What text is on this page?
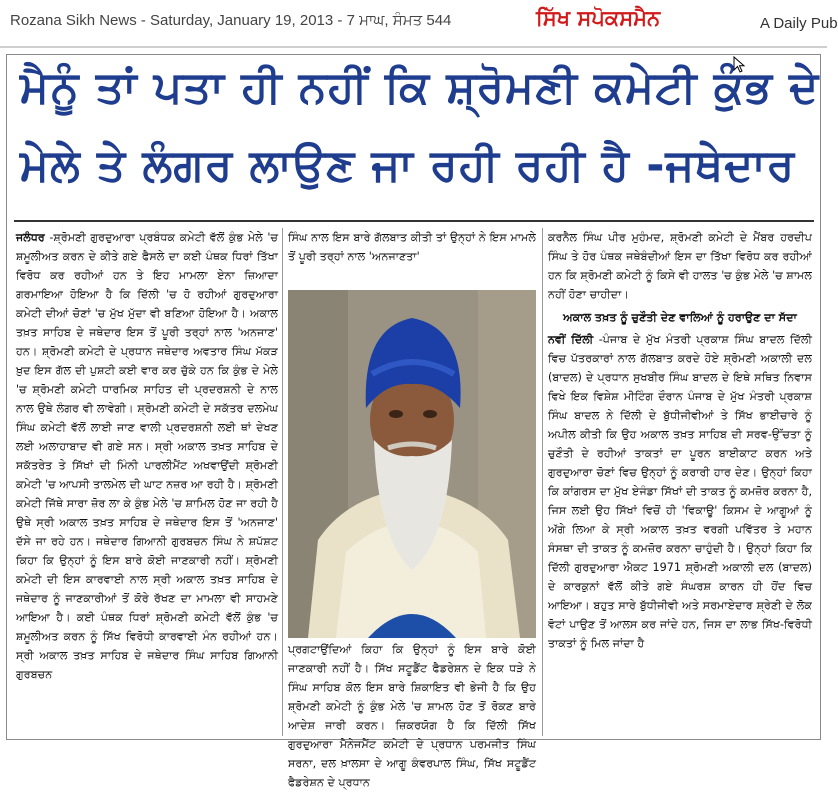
Rozana Sikh News - Saturday, January 19, 2013 - 7 ਮਾਘ, ਸੰਮਤ 544	ਸਿੱਖ ਸਪੋਕਸਮੈਨ	A Daily Pub
ਮੈਨੂੰ ਤਾਂ ਪਤਾ ਹੀ ਨਹੀਂ ਕਿ ਸ਼੍ਰੋਮਣੀ ਕਮੇਟੀ ਕੁੰਭ ਦੇ
ਮੇਲੇ ਤੇ ਲੰਗਰ ਲਾਉਣ ਜਾ ਰਹੀ ਰਹੀ ਹੈ -ਜਥੇਦਾਰ
ਜਲੰਧਰ -ਸ਼੍ਰੋਮਣੀ ਗੁਰਦੁਆਰਾ ਪ੍ਰਬੰਧਕ ਕਮੇਟੀ ਵੱਲੋਂ ਕੁੰਭ ਮੇਲੇ 'ਚ ਸ਼ਮੂਲੀਅਤ ਕਰਨ ਦੇ ਕੀਤੇ ਗਏ ਫੈਸਲੇ ਦਾ ਕਈ ਪੰਥਕ ਧਿਰਾਂ ਤਿੱਖਾ ਵਿਰੋਧ ਕਰ ਰਹੀਆਂ ਹਨ ਤੇ ਇਹ ਮਾਮਲਾ ਏਨਾ ਜ਼ਿਆਦਾ ਗਰਮਾਇਆ ਹੋਇਆ ਹੈ ਕਿ ਦਿੱਲੀ 'ਚ ਹੋ ਰਹੀਆਂ ਗੁਰਦੁਆਰਾ ਕਮੇਟੀ ਦੀਆਂ ਚੋਣਾਂ 'ਚ ਮੁੱਖ ਮੁੱਦਾ ਵੀ ਬਣਿਆ ਹੋਇਆ ਹੈ। ਅਕਾਲ ਤਖ਼ਤ ਸਾਹਿਬ ਦੇ ਜਥੇਦਾਰ ਇਸ ਤੋਂ ਪੂਰੀ ਤਰ੍ਹਾਂ ਨਾਲ 'ਅਨਜਾਣ' ਹਨ। ਸ਼੍ਰੋਮਣੀ ਕਮੇਟੀ ਦੇ ਪ੍ਰਧਾਨ ਜਥੇਦਾਰ ਅਵਤਾਰ ਸਿੰਘ ਮੱਕੜ ਖ਼ੁਦ ਇਸ ਗੱਲ ਦੀ ਪੁਸ਼ਟੀ ਕਈ ਵਾਰ ਕਰ ਚੁੱਕੇ ਹਨ ਕਿ ਕੁੰਭ ਦੇ ਮੇਲੇ 'ਚ ਸ਼੍ਰੋਮਣੀ ਕਮੇਟੀ ਧਾਰਮਿਕ ਸਾਹਿਤ ਦੀ ਪ੍ਰਦਰਸ਼ਨੀ ਦੇ ਨਾਲ ਨਾਲ ਉਥੇ ਲੰਗਰ ਵੀ ਲਾਵੇਗੀ। ਸ਼੍ਰੋਮਣੀ ਕਮੇਟੀ ਦੇ ਸਕੱਤਰ ਦਲਮੇਘ ਸਿੰਘ ਕਮੇਟੀ ਵੱਲੋਂ ਲਾਈ ਜਾਣ ਵਾਲੀ ਪ੍ਰਦਰਸ਼ਨੀ ਲਈ ਥਾਂ ਦੇਖਣ ਲਈ ਅਲਾਹਾਬਾਦ ਵੀ ਗਏ ਸਨ। ਸ੍ਰੀ ਅਕਾਲ ਤਖ਼ਤ ਸਾਹਿਬ ਦੇ ਸਕੱਤਰੇਤ ਤੇ ਸਿੱਖਾਂ ਦੀ ਮਿੰਨੀ ਪਾਰਲੀਮੈਂਟ ਅਖਵਾਉਂਦੀ ਸ਼੍ਰੋਮਣੀ ਕਮੇਟੀ 'ਚ ਆਪਸੀ ਤਾਲਮੇਲ ਦੀ ਘਾਟ ਨਜ਼ਰ ਆ ਰਹੀ ਹੈ। ਸ਼੍ਰੋਮਣੀ ਕਮੇਟੀ ਜਿੱਥੇ ਸਾਰਾ ਜ਼ੋਰ ਲਾ ਕੇ ਕੁੰਭ ਮੇਲੇ 'ਚ ਸ਼ਾਮਿਲ ਹੋਣ ਜਾ ਰਹੀ ਹੈ ਉਥੇ ਸ੍ਰੀ ਅਕਾਲ ਤਖ਼ਤ ਸਾਹਿਬ ਦੇ ਜਥੇਦਾਰ ਇਸ ਤੋਂ 'ਅਨਜਾਣ' ਦੱਸੇ ਜਾ ਰਹੇ ਹਨ। ਜਥੇਦਾਰ ਗਿਆਨੀ ਗੁਰਬਚਨ ਸਿੰਘ ਨੇ ਸ਼ਪੱਸ਼ਟ ਕਿਹਾ ਕਿ ਉਨ੍ਹਾਂ ਨੂੰ ਇਸ ਬਾਰੇ ਕੋਈ ਜਾਣਕਾਰੀ ਨਹੀਂ। ਸ਼੍ਰੋਮਣੀ ਕਮੇਟੀ ਦੀ ਇਸ ਕਾਰਵਾਈ ਨਾਲ ਸ੍ਰੀ ਅਕਾਲ ਤਖ਼ਤ ਸਾਹਿਬ ਦੇ ਜਥੇਦਾਰ ਨੂੰ ਜਾਣਕਾਰੀਆਂ ਤੋਂ ਕੋਰੇ ਰੱਖਣ ਦਾ ਮਾਮਲਾ ਵੀ ਸਾਹਮਣੇ ਆਇਆ ਹੈ। ਕਈ ਪੰਥਕ ਧਿਰਾਂ ਸ਼੍ਰੋਮਣੀ ਕਮੇਟੀ ਵੱਲੋਂ ਕੁੰਭ 'ਚ ਸ਼ਮੂਲੀਅਤ ਕਰਨ ਨੂੰ ਸਿੱਖ ਵਿਰੋਧੀ ਕਾਰਵਾਈ ਮੰਨ ਰਹੀਆਂ ਹਨ। ਸ੍ਰੀ ਅਕਾਲ ਤਖ਼ਤ ਸਾਹਿਬ ਦੇ ਜਥੇਦਾਰ ਸਿੰਘ ਸਾਹਿਬ ਗਿਆਨੀ ਗੁਰਬਚਨ
ਸਿੰਘ ਨਾਲ ਇਸ ਬਾਰੇ ਗੱਲਬਾਤ ਕੀਤੀ ਤਾਂ ਉਨ੍ਹਾਂ ਨੇ ਇਸ ਮਾਮਲੇ ਤੋਂ ਪੂਰੀ ਤਰ੍ਹਾਂ ਨਾਲ 'ਅਨਜਾਣਤਾ'
ਪ੍ਰਗਟਾਉਂਦਿਆਂ ਕਿਹਾ ਕਿ ਉਨ੍ਹਾਂ ਨੂੰ ਇਸ ਬਾਰੇ ਕੋਈ ਜਾਣਕਾਰੀ ਨਹੀਂ ਹੈ। ਸਿੱਖ ਸਟੂਡੈਂਟ ਫੈਡਰੇਸ਼ਨ ਦੇ ਇਕ ਧੜੇ ਨੇ ਸਿੰਘ ਸਾਹਿਬ ਕੋਲ ਇਸ ਬਾਰੇ ਸ਼ਿਕਾਇਤ ਵੀ ਭੇਜੀ ਹੈ ਕਿ ਉਹ ਸ਼੍ਰੋਮਣੀ ਕਮੇਟੀ ਨੂੰ ਕੁੰਭ ਮੇਲੇ 'ਚ ਸ਼ਾਮਲ ਹੋਣ ਤੋਂ ਰੋਕਣ ਬਾਰੇ ਆਦੇਸ਼ ਜਾਰੀ ਕਰਨ। ਜ਼ਿਕਰਯੋਗ ਹੈ ਕਿ ਦਿੱਲੀ ਸਿੱਖ ਗੁਰਦੁਆਰਾ ਮੈਨੇਜਮੈਂਟ ਕਮੇਟੀ ਦੇ ਪ੍ਰਧਾਨ ਪਰਮਜੀਤ ਸਿੰਘ ਸਰਨਾ, ਦਲ ਖ਼ਾਲਸਾ ਦੇ ਆਗੂ ਕੰਵਰਪਾਲ ਸਿੰਘ, ਸਿੱਖ ਸਟੂਡੈਂਟ ਫੈਡਰੇਸ਼ਨ ਦੇ ਪ੍ਰਧਾਨ
ਕਰਨੈਲ ਸਿੰਘ ਪੀਰ ਮੁਹੰਮਦ, ਸ਼੍ਰੋਮਣੀ ਕਮੇਟੀ ਦੇ ਮੈਂਬਰ ਹਰਦੀਪ ਸਿੰਘ ਤੇ ਹੋਰ ਪੰਥਕ ਜਥੇਬੰਦੀਆਂ ਇਸ ਦਾ ਤਿੱਖਾ ਵਿਰੋਧ ਕਰ ਰਹੀਆਂ ਹਨ ਕਿ ਸ਼੍ਰੋਮਣੀ ਕਮੇਟੀ ਨੂੰ ਕਿਸੇ ਵੀ ਹਾਲਤ 'ਚ ਕੁੰਭ ਮੇਲੇ 'ਚ ਸ਼ਾਮਲ ਨਹੀਂ ਹੋਣਾ ਚਾਹੀਦਾ।
ਅਕਾਲ ਤਖ਼ਤ ਨੂੰ ਚੁਣੌਤੀ ਦੇਣ ਵਾਲਿਆਂ ਨੂੰ ਹਰਾਉਣ ਦਾ ਸੱਦਾ
ਨਵੀਂ ਦਿੱਲੀ -ਪੰਜਾਬ ਦੇ ਮੁੱਖ ਮੰਤਰੀ ਪ੍ਰਕਾਸ਼ ਸਿੰਘ ਬਾਦਲ ਦਿੱਲੀ ਵਿਚ ਪੱਤਰਕਾਰਾਂ ਨਾਲ ਗੱਲਬਾਤ ਕਰਦੇ ਹੋਏ ਸ਼੍ਰੋਮਣੀ ਅਕਾਲੀ ਦਲ (ਬਾਦਲ) ਦੇ ਪ੍ਰਧਾਨ ਸੁਖਬੀਰ ਸਿੰਘ ਬਾਦਲ ਦੇ ਇਥੇ ਸਥਿਤ ਨਿਵਾਸ ਵਿਖੇ ਇਕ ਵਿਸ਼ੇਸ਼ ਮੀਟਿੰਗ ਦੌਰਾਨ ਪੰਜਾਬ ਦੇ ਮੁੱਖ ਮੰਤਰੀ ਪ੍ਰਕਾਸ਼ ਸਿੰਘ ਬਾਦਲ ਨੇ ਦਿੱਲੀ ਦੇ ਬੁੱਧੀਜੀਵੀਆਂ ਤੇ ਸਿੱਖ ਭਾਈਚਾਰੇ ਨੂੰ ਅਪੀਲ ਕੀਤੀ ਕਿ ਉਹ ਅਕਾਲ ਤਖ਼ਤ ਸਾਹਿਬ ਦੀ ਸਰਵ-ਉੱਚਤਾ ਨੂੰ ਚੁਣੌਤੀ ਦੇ ਰਹੀਆਂ ਤਾਕਤਾਂ ਦਾ ਪੂਰਨ ਬਾਈਕਾਟ ਕਰਨ ਅਤੇ ਗੁਰਦੁਆਰਾ ਚੋਣਾਂ ਵਿਚ ਉਨ੍ਹਾਂ ਨੂੰ ਕਰਾਰੀ ਹਾਰ ਦੇਣ। ਉਨ੍ਹਾਂ ਕਿਹਾ ਕਿ ਕਾਂਗਰਸ ਦਾ ਮੁੱਖ ਏਜੰਡਾ ਸਿੱਖਾਂ ਦੀ ਤਾਕਤ ਨੂੰ ਕਮਜ਼ੋਰ ਕਰਨਾ ਹੈ, ਜਿਸ ਲਈ ਉਹ ਸਿੱਖਾਂ ਵਿਚੋਂ ਹੀ 'ਵਿਕਾਊ' ਕਿਸਮ ਦੇ ਆਗੂਆਂ ਨੂੰ ਅੱਗੇ ਲਿਆ ਕੇ ਸ੍ਰੀ ਅਕਾਲ ਤਖ਼ਤ ਵਰਗੀ ਪਵਿੱਤਰ ਤੇ ਮਹਾਨ ਸੰਸਥਾ ਦੀ ਤਾਕਤ ਨੂੰ ਕਮਜ਼ੋਰ ਕਰਨਾ ਚਾਹੁੰਦੀ ਹੈ। ਉਨ੍ਹਾਂ ਕਿਹਾ ਕਿ ਦਿੱਲੀ ਗੁਰਦੁਆਰਾ ਐਕਟ 1971 ਸ਼੍ਰੋਮਣੀ ਅਕਾਲੀ ਦਲ (ਬਾਦਲ) ਦੇ ਕਾਰਕੁਨਾਂ ਵੱਲੋਂ ਕੀਤੇ ਗਏ ਸੰਘਰਸ਼ ਕਾਰਨ ਹੀ ਹੋਂਦ ਵਿਚ ਆਇਆ। ਬਹੁਤ ਸਾਰੇ ਬੁੱਧੀਜੀਵੀ ਅਤੇ ਸਰਮਾਏਦਾਰ ਸ਼੍ਰੇਣੀ ਦੇ ਲੋਕ ਵੋਟਾਂ ਪਾਉਣ ਤੋਂ ਆਲਸ ਕਰ ਜਾਂਦੇ ਹਨ, ਜਿਸ ਦਾ ਲਾਭ ਸਿੱਖ-ਵਿਰੋਧੀ ਤਾਕਤਾਂ ਨੂੰ ਮਿਲ ਜਾਂਦਾ ਹੈ
